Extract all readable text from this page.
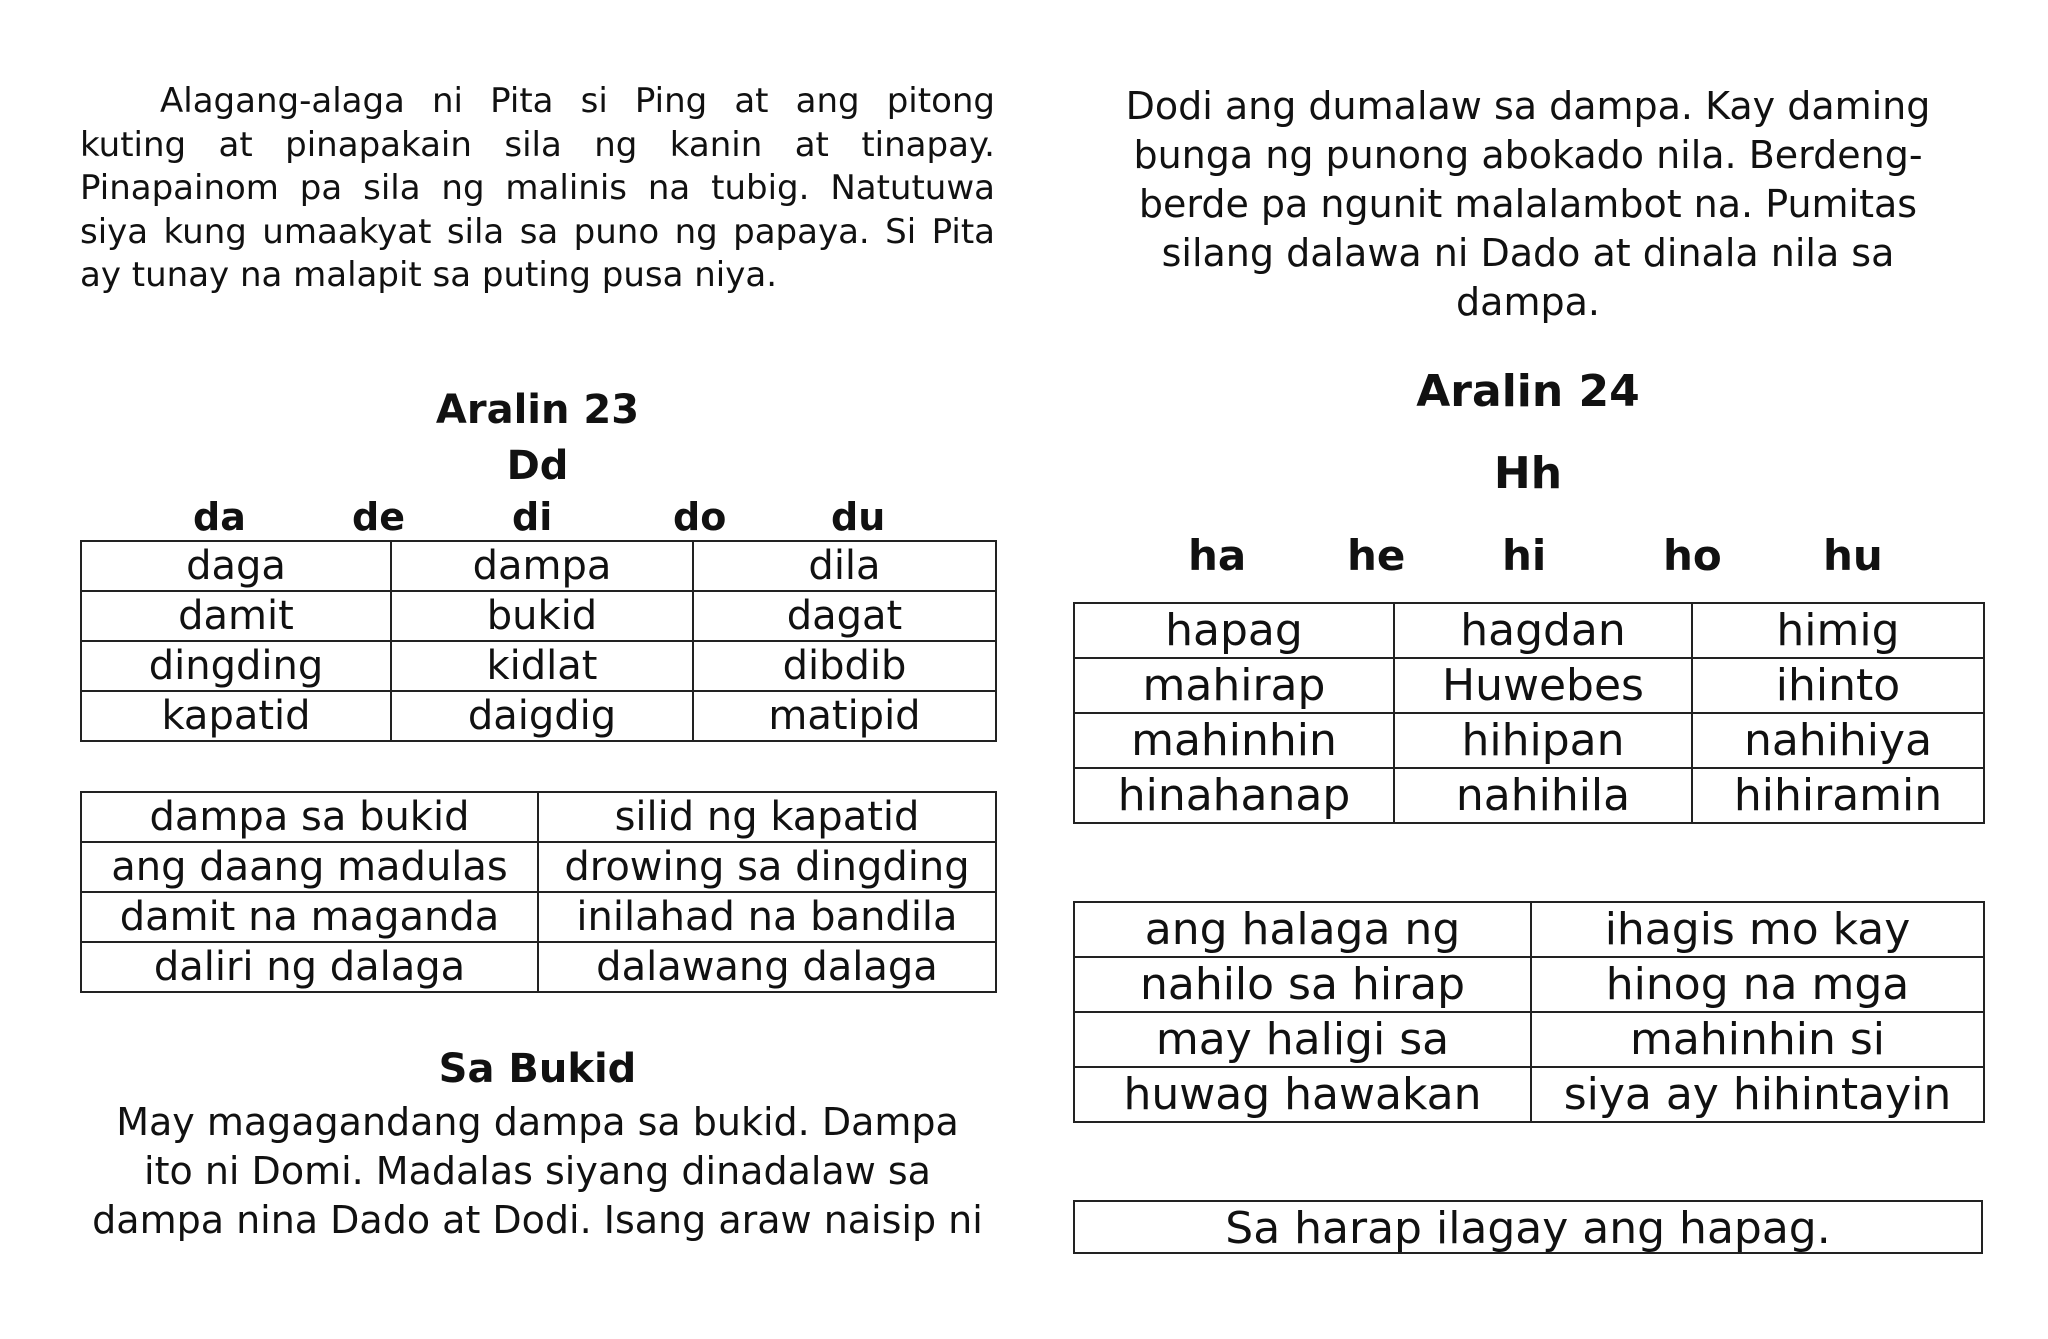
Alagang-alaga ni Pita si Ping at ang pitong kuting at pinapakain sila ng kanin at tinapay. Pinapainom pa sila ng malinis na tubig. Natutuwa siya kung umaakyat sila sa puno ng papaya. Si Pita ay tunay na malapit sa puting pusa niya.

Aralin 23
Dd
da	de	di	do	du
daga	dampa	dila
damit	bukid	dagat
dingding	kidlat	dibdib
kapatid	daigdig	matipid
dampa sa bukid	silid ng kapatid
ang daang madulas	drowing sa dingding
damit na maganda	inilahad na bandila
daliri ng dalaga	dalawang dalaga
Sa Bukid
May magagandang dampa sa bukid. Dampa
ito ni Domi. Madalas siyang dinadalaw sa
dampa nina Dado at Dodi. Isang araw naisip ni
Dodi ang dumalaw sa dampa. Kay daming
bunga ng punong abokado nila. Berdeng-
berde pa ngunit malalambot na. Pumitas
silang dalawa ni Dado at dinala nila sa
dampa.
Aralin 24
Hh
ha he hi	ho hu
hapag	hagdan	himig
mahirap	Huwebes	ihinto
mahinhin	hihipan	nahihiya
hinahanap	nahihila	hihiramin
ang halaga ng	ihagis mo kay
nahilo sa hirap	hinog na mga
may haligi sa	mahinhin si
huwag hawakan	siya ay hihintayin
Sa harap ilagay ang hapag.
